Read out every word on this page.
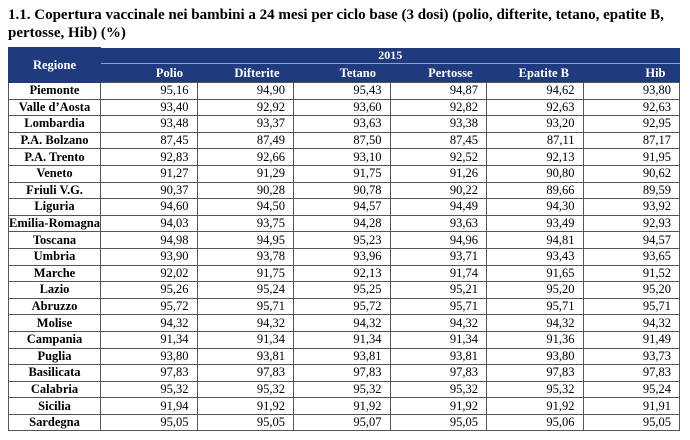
1.1. Copertura vaccinale nei bambini a 24 mesi per ciclo base (3 dosi) (polio, difterite, tetano, epatite B, pertosse, Hib) (%)
Regione	2015					
	Polio	Difterite	Tetano	Pertosse	Epatite B	Hib
Piemonte	95,16	94,90	95,43	94,87	94,62	93,80
Valle d’Aosta	93,40	92,92	93,60	92,82	92,63	92,63
Lombardia	93,48	93,37	93,63	93,38	93,20	92,95
P.A. Bolzano	87,45	87,49	87,50	87,45	87,11	87,17
P.A. Trento	92,83	92,66	93,10	92,52	92,13	91,95
Veneto	91,27	91,29	91,75	91,26	90,80	90,62
Friuli V.G.	90,37	90,28	90,78	90,22	89,66	89,59
Liguria	94,60	94,50	94,57	94,49	94,30	93,92
Emilia-Romagna	94,03	93,75	94,28	93,63	93,49	92,93
Toscana	94,98	94,95	95,23	94,96	94,81	94,57
Umbria	93,90	93,78	93,96	93,71	93,43	93,65
Marche	92,02	91,75	92,13	91,74	91,65	91,52
Lazio	95,26	95,24	95,25	95,21	95,20	95,20
Abruzzo	95,72	95,71	95,72	95,71	95,71	95,71
Molise	94,32	94,32	94,32	94,32	94,32	94,32
Campania	91,34	91,34	91,34	91,34	91,36	91,49
Puglia	93,80	93,81	93,81	93,81	93,80	93,73
Basilicata	97,83	97,83	97,83	97,83	97,83	97,83
Calabria	95,32	95,32	95,32	95,32	95,32	95,24
Sicilia	91,94	91,92	91,92	91,92	91,92	91,91
Sardegna	95,05	95,05	95,07	95,05	95,06	95,05
